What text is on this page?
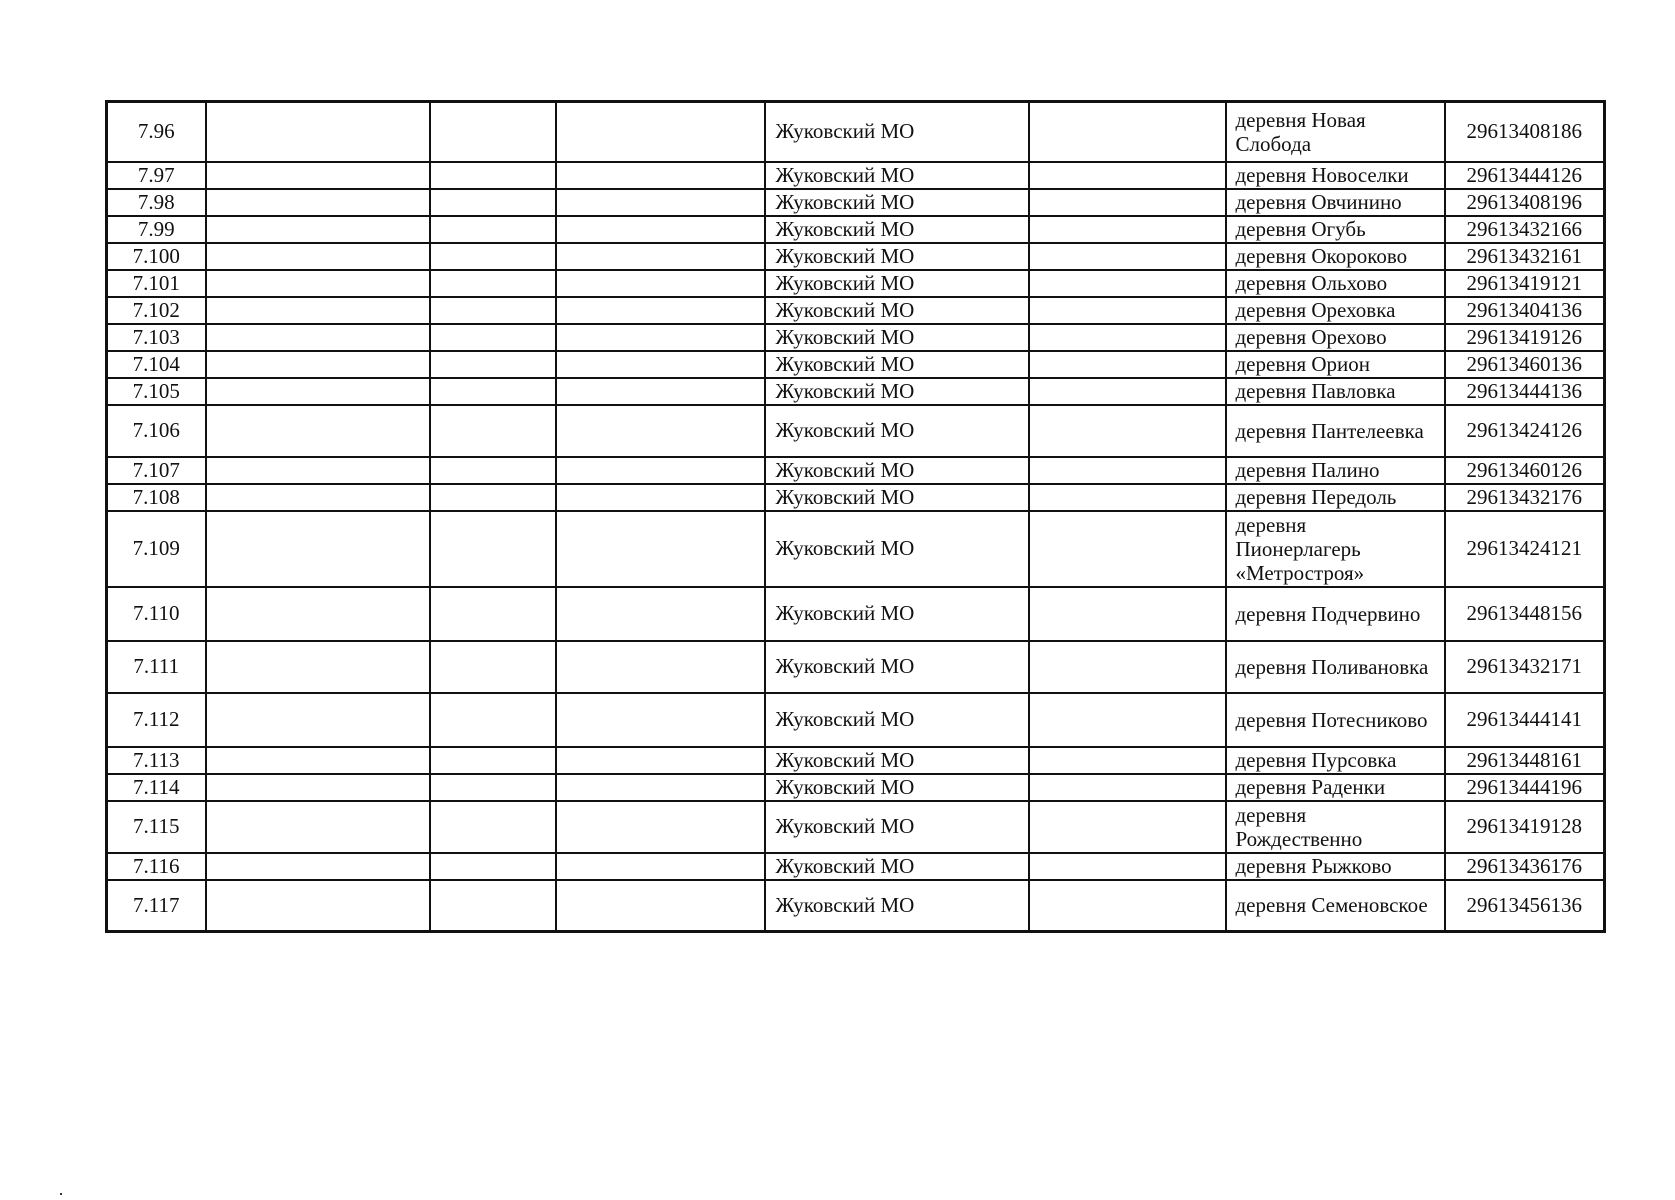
7.96				Жуковский МО		деревня Новая Слобода	29613408186
7.97				Жуковский МО		деревня Новоселки	29613444126
7.98				Жуковский МО		деревня Овчинино	29613408196
7.99				Жуковский МО		деревня Огубь	29613432166
7.100				Жуковский МО		деревня Окороково	29613432161
7.101				Жуковский МО		деревня Ольхово	29613419121
7.102				Жуковский МО		деревня Ореховка	29613404136
7.103				Жуковский МО		деревня Орехово	29613419126
7.104				Жуковский МО		деревня Орион	29613460136
7.105				Жуковский МО		деревня Павловка	29613444136
7.106				Жуковский МО		деревня Пантелеевка	29613424126
7.107				Жуковский МО		деревня Палино	29613460126
7.108				Жуковский МО		деревня Передоль	29613432176
7.109				Жуковский МО		деревня Пионерлагерь «Метростроя»	29613424121
7.110				Жуковский МО		деревня Подчервино	29613448156
7.111				Жуковский МО		деревня Поливановка	29613432171
7.112				Жуковский МО		деревня Потесниково	29613444141
7.113				Жуковский МО		деревня Пурсовка	29613448161
7.114				Жуковский МО		деревня Раденки	29613444196
7.115				Жуковский МО		деревня Рождественно	29613419128
7.116				Жуковский МО		деревня Рыжково	29613436176
7.117				Жуковский МО		деревня Семеновское	29613456136
